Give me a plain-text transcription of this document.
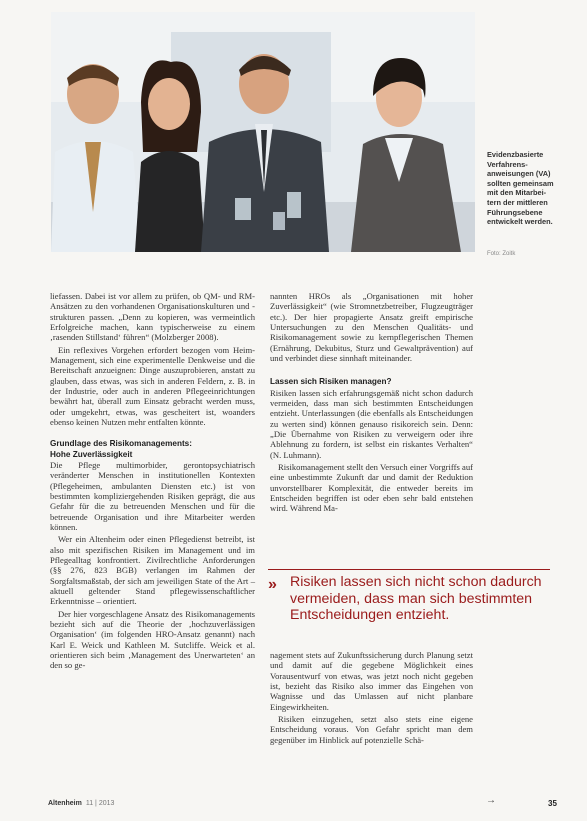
Evidenzbasierte
Verfahrens-
anweisungen (VA)
sollten gemeinsam
mit den Mitarbei-
tern der mittleren
Führungsebene
entwickelt werden.
Foto: Zoitk

liefassen. Dabei ist vor allem zu prüfen, ob QM- und RM-Ansätzen zu den vorhandenen Organisationskulturen und -strukturen passen. „Denn zu kopieren, was vermeintlich Erfolgreiche machen, kann typischerweise zu einem ‚rasenden Stillstand‘ führen“ (Molzberger 2008).

Ein reflexives Vorgehen erfordert bezogen vom Heim-Management, sich eine experimentelle Denkweise und die Bereitschaft anzueignen: Dinge auszuprobieren, anstatt zu glauben, dass etwas, was sich in anderen Feldern, z. B. in der Industrie, oder auch in anderen Pflegeeinrichtungen bewährt hat, überall zum Einsatz gebracht werden muss, oder umgekehrt, etwas, was gescheitert ist, woanders ebenso keinen Nutzen mehr entfalten könnte.

Grundlage des Risikomanagements:
Hohe Zuverlässigkeit

Die Pflege multimorbider, gerontopsychiatrisch veränderter Menschen in institutionellen Kontexten (Pflegeheimen, ambulanten Diensten etc.) ist von bestimmten kompliziergehenden Risiken geprägt, die aus Gefahr für die zu betreuenden Menschen und für die betreuende Organisation und ihre Mitarbeiter werden können.

Wer ein Altenheim oder einen Pflegedienst betreibt, ist also mit spezifischen Risiken im Management und im Pflegealltag konfrontiert. Zivilrechtliche Anforderungen (§§ 276, 823 BGB) verlangen im Rahmen der Sorgfaltsmaßstab, der sich am jeweiligen State of the Art – aktuell geltender Stand pflegewissenschaftlicher Erkenntnisse – orientiert.

Der hier vorgeschlagene Ansatz des Risikomanagements bezieht sich auf die Theorie der ‚hochzuverlässigen Organisation‘ (im folgenden HRO-Ansatz genannt) nach Karl E. Weick und Kathleen M. Sutcliffe. Weick et al. orientieren sich beim ‚Management des Unerwarteten‘ an den so ge-

nannten HROs als „Organisationen mit hoher Zuverlässigkeit“ (wie Stromnetzbetreiber, Flugzeugträger etc.). Der hier propagierte Ansatz greift empirische Untersuchungen zu den Menschen Qualitäts- und Risikomanagement sowie zu kernpflegerischen Themen (Ernährung, Dekubitus, Sturz und Gewaltprävention) auf und verbindet diese sinnhaft miteinander.

Lassen sich Risiken managen?

Risiken lassen sich erfahrungsgemäß nicht schon dadurch vermeiden, dass man sich bestimmten Entscheidungen entzieht. Unterlassungen (die ebenfalls als Entscheidungen zu werten sind) können genauso risikoreich sein. Denn: „Die Übernahme von Risiken zu verweigern oder ihre Ablehnung zu fordern, ist selbst ein riskantes Verhalten“ (N. Luhmann).

Risikomanagement stellt den Versuch einer Vorgriffs auf eine unbestimmte Zukunft dar und damit der Reduktion unvorstellbarer Komplexität, die entweder bereits im Entscheiden begriffen ist oder eben sehr bald entstehen wird. Während Ma-

» Risiken lassen sich nicht schon dadurch vermeiden, dass man sich bestimmten Entscheidungen entzieht.

nagement stets auf Zukunftssicherung durch Planung setzt und damit auf die gegebene Möglichkeit eines Vorausentwurf von etwas, was jetzt noch nicht gegeben ist, bezieht das Risiko also immer das Eingehen von Wagnisse und das Umlassen auf nicht planbare Eingewirkheiten.

Risiken einzugehen, setzt also stets eine eigene Entscheidung voraus. Von Gefahr spricht man dem gegenüber im Hinblick auf potenzielle Schä-

→
Altenheim 11 | 2013	35
